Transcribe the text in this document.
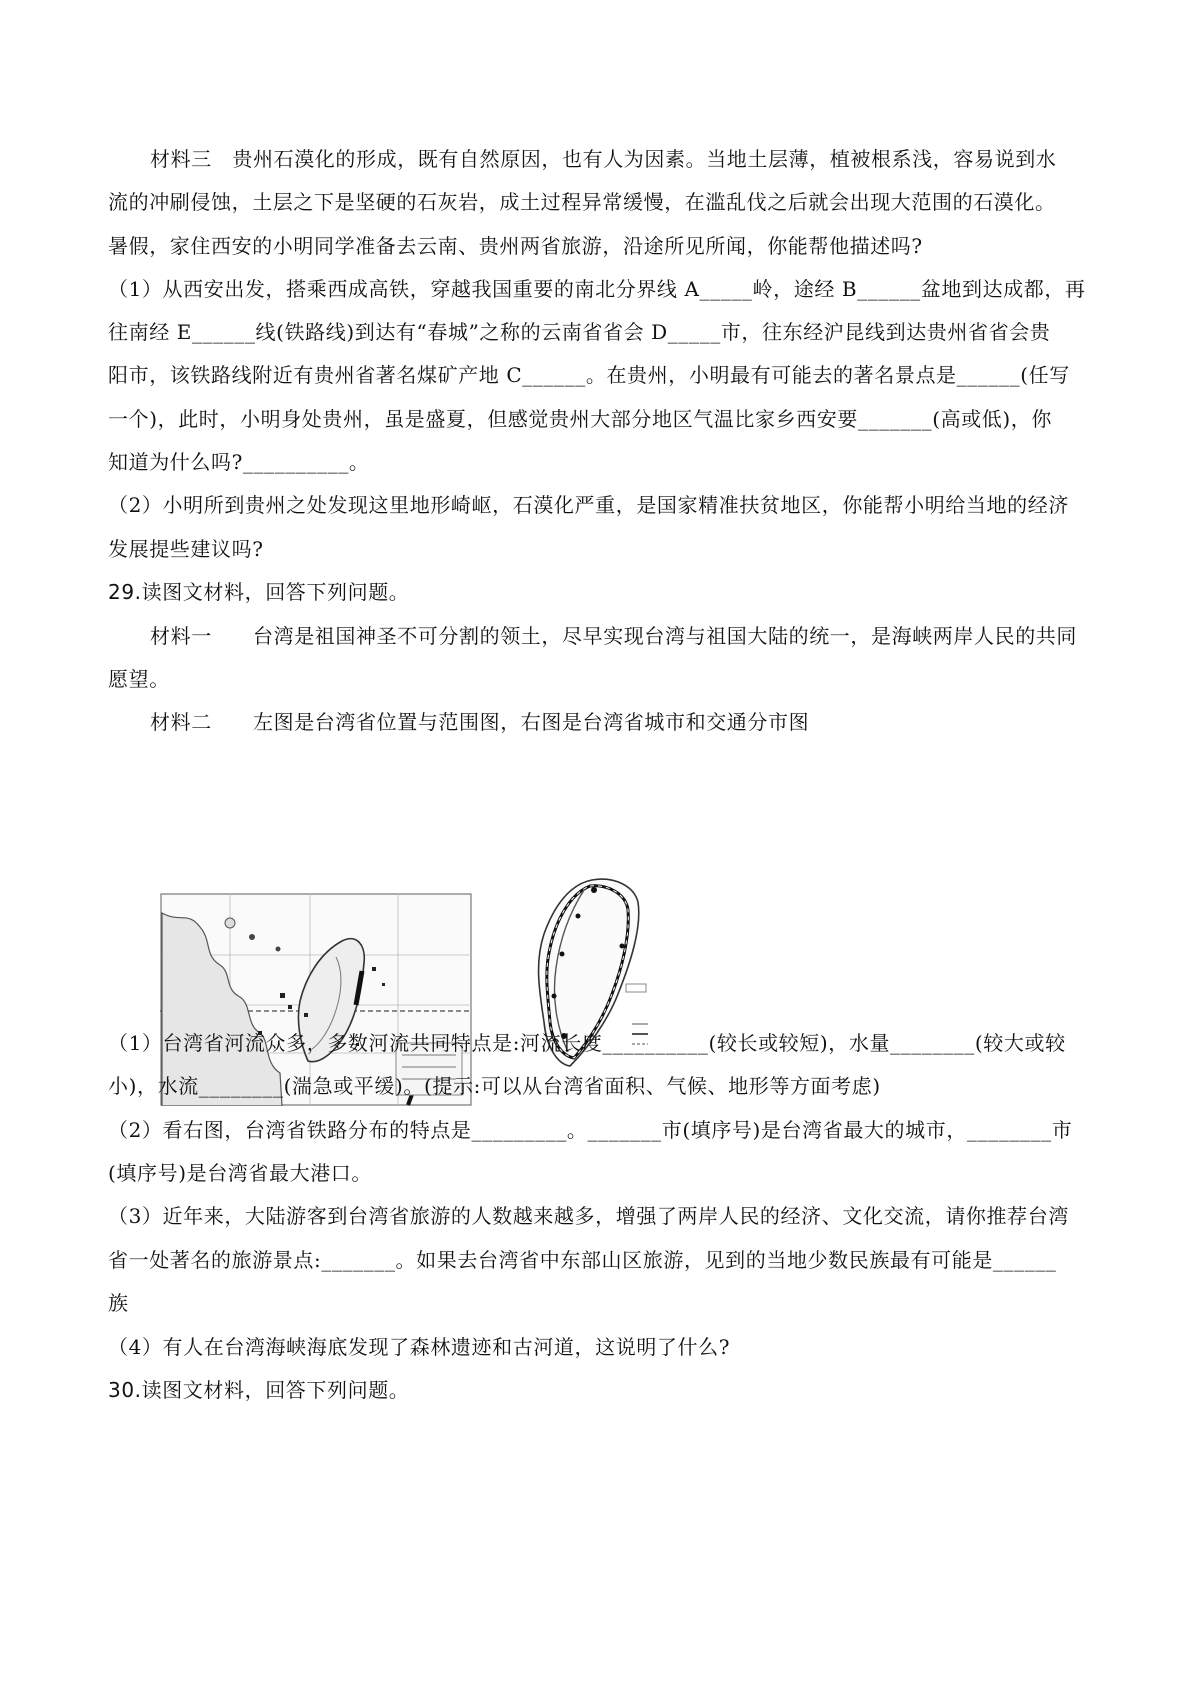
材料三　贵州石漠化的形成，既有自然原因，也有人为因素。当地土层薄，植被根系浅，容易说到水
流的冲刷侵蚀，土层之下是坚硬的石灰岩，成土过程异常缓慢，在滥乱伐之后就会出现大范围的石漠化。
暑假，家住西安的小明同学准备去云南、贵州两省旅游，沿途所见所闻，你能帮他描述吗?
（1）从西安出发，搭乘西成高铁，穿越我国重要的南北分界线 A_____岭，途经 B______盆地到达成都，再
往南经 E______线(铁路线)到达有“春城”之称的云南省省会 D_____市，往东经沪昆线到达贵州省省会贵
阳市，该铁路线附近有贵州省著名煤矿产地 C______。在贵州，小明最有可能去的著名景点是______(任写
一个)，此时，小明身处贵州，虽是盛夏，但感觉贵州大部分地区气温比家乡西安要_______(高或低)，你
知道为什么吗?__________。
（2）小明所到贵州之处发现这里地形崎岖，石漠化严重，是国家精准扶贫地区，你能帮小明给当地的经济
发展提些建议吗?
29.读图文材料，回答下列问题。
材料一　　台湾是祖国神圣不可分割的领土，尽早实现台湾与祖国大陆的统一，是海峡两岸人民的共同
愿望。
材料二　　左图是台湾省位置与范围图，右图是台湾省城市和交通分市图
（1）台湾省河流众多，多数河流共同特点是:河流长度__________(较长或较短)，水量________(较大或较
小)，水流________(湍急或平缓)。(提示:可以从台湾省面积、气候、地形等方面考虑)
（2）看右图，台湾省铁路分布的特点是_________。_______市(填序号)是台湾省最大的城市，________市
(填序号)是台湾省最大港口。
（3）近年来，大陆游客到台湾省旅游的人数越来越多，增强了两岸人民的经济、文化交流，请你推荐台湾
省一处著名的旅游景点:_______。如果去台湾省中东部山区旅游，见到的当地少数民族最有可能是______
族
（4）有人在台湾海峡海底发现了森林遗迹和古河道，这说明了什么?
30.读图文材料，回答下列问题。
